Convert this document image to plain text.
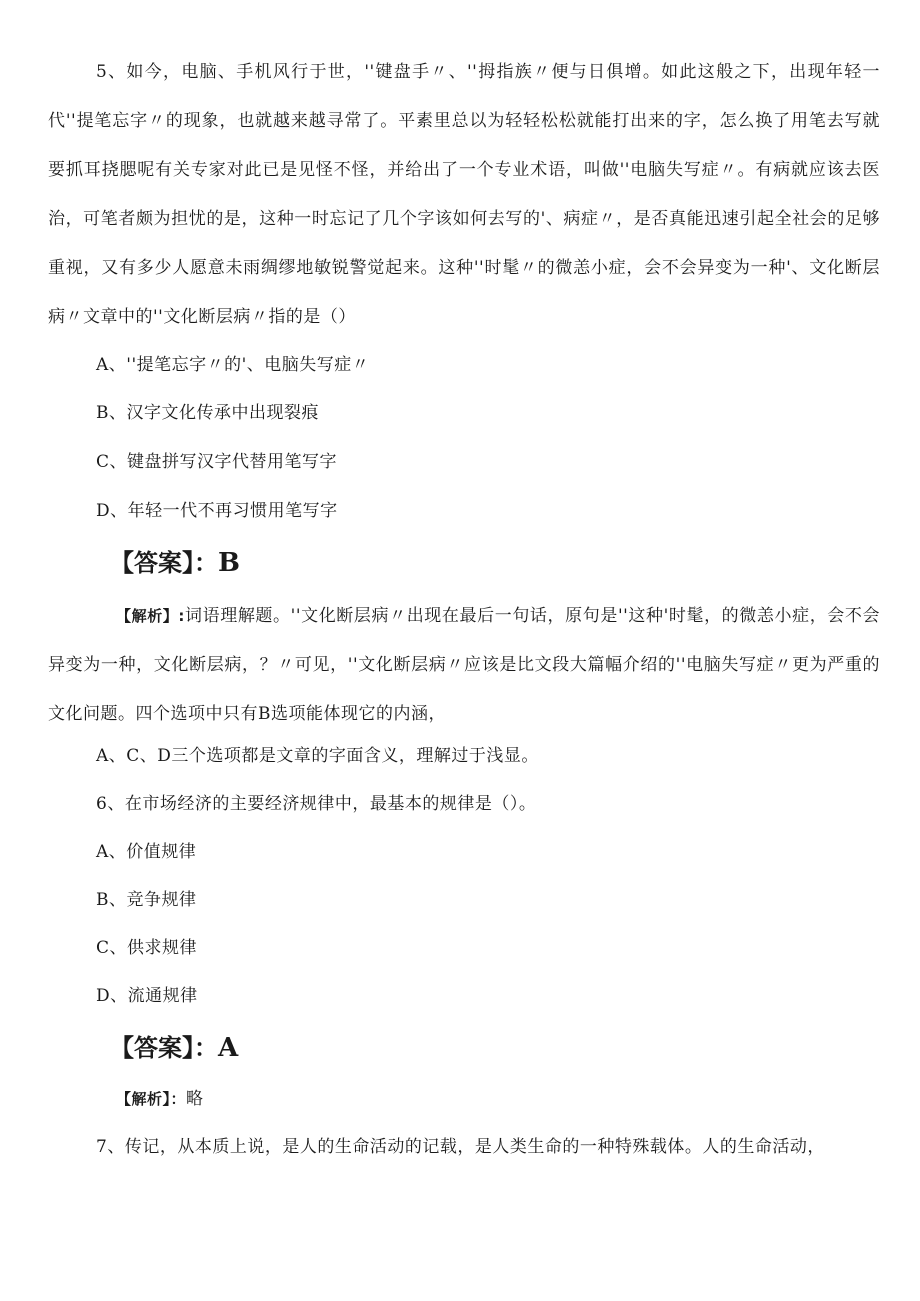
5、如今，电脑、手机风行于世，''键盘手〃、''拇指族〃便与日俱增。如此这般之下，出现年轻一代''提笔忘字〃的现象，也就越来越寻常了。平素里总以为轻轻松松就能打出来的字，怎么换了用笔去写就要抓耳挠腮呢有关专家对此已是见怪不怪，并给出了一个专业术语，叫做''电脑失写症〃。有病就应该去医治，可笔者颇为担忧的是，这种一时忘记了几个字该如何去写的'、病症〃，是否真能迅速引起全社会的足够重视，又有多少人愿意未雨绸缪地敏锐警觉起来。这种''时髦〃的微恙小症，会不会异变为一种'、文化断层病〃文章中的''文化断层病〃指的是（）

A、''提笔忘字〃的'、电脑失写症〃

B、汉字文化传承中出现裂痕

C、键盘拼写汉字代替用笔写字

D、年轻一代不再习惯用笔写字

【答案】：B

【解析】:词语理解题。''文化断层病〃出现在最后一句话，原句是''这种'时髦，的微恙小症，会不会异变为一种，文化断层病，？〃可见，''文化断层病〃应该是比文段大篇幅介绍的''电脑失写症〃更为严重的文化问题。四个选项中只有B选项能体现它的内涵，

A、C、D三个选项都是文章的字面含义，理解过于浅显。

6、在市场经济的主要经济规律中，最基本的规律是（）。

A、价值规律

B、竞争规律

C、供求规律

D、流通规律

【答案】：A

【解析】：略

7、传记，从本质上说，是人的生命活动的记载，是人类生命的一种特殊载体。人的生命活动，
